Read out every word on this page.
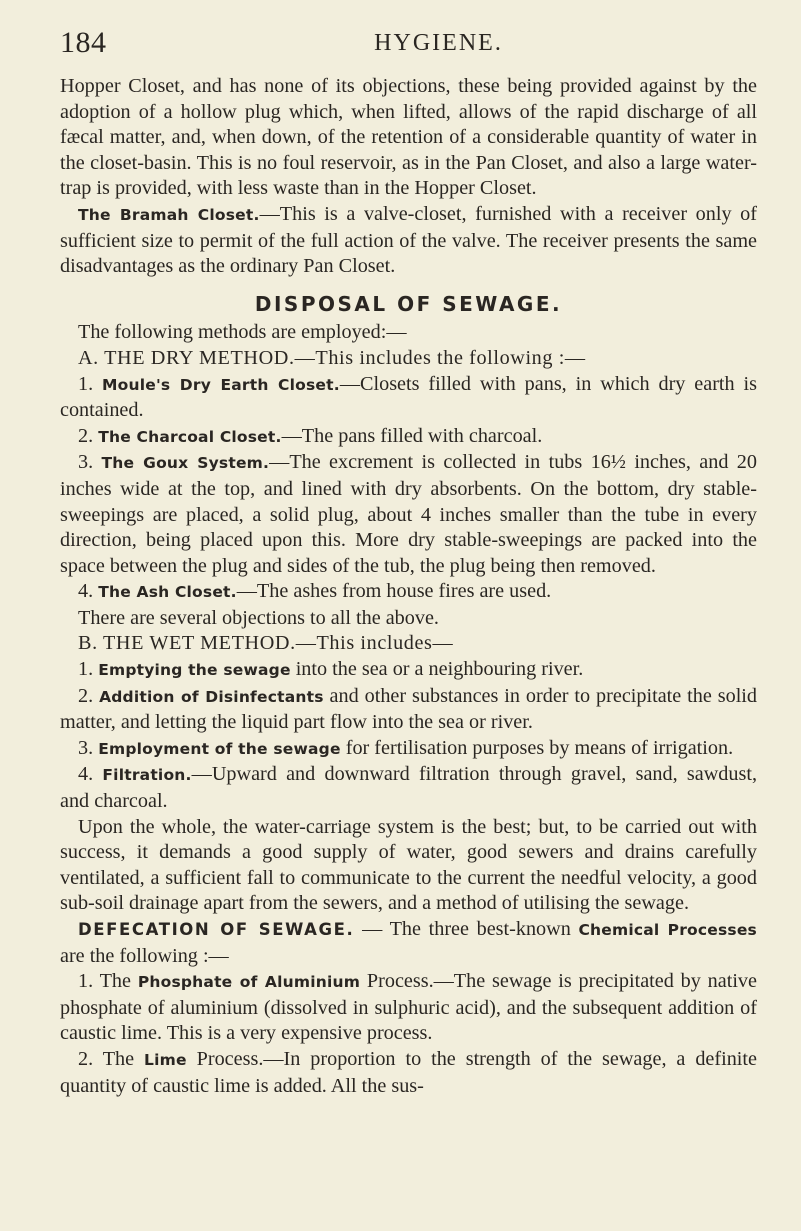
184	HYGIENE.

Hopper Closet, and has none of its objections, these being provided against by the adoption of a hollow plug which, when lifted, allows of the rapid discharge of all fæcal matter, and, when down, of the retention of a considerable quantity of water in the closet-basin. This is no foul reservoir, as in the Pan Closet, and also a large water-trap is provided, with less waste than in the Hopper Closet.

The Bramah Closet.—This is a valve-closet, furnished with a receiver only of sufficient size to permit of the full action of the valve. The receiver presents the same disadvantages as the ordinary Pan Closet.

DISPOSAL OF SEWAGE.

The following methods are employed:—

A. THE DRY METHOD.—This includes the following :—

1. Moule's Dry Earth Closet.—Closets filled with pans, in which dry earth is contained.

2. The Charcoal Closet.—The pans filled with charcoal.

3. The Goux System.—The excrement is collected in tubs 16½ inches, and 20 inches wide at the top, and lined with dry absorbents. On the bottom, dry stable-sweepings are placed, a solid plug, about 4 inches smaller than the tube in every direction, being placed upon this. More dry stable-sweepings are packed into the space between the plug and sides of the tub, the plug being then removed.

4. The Ash Closet.—The ashes from house fires are used.

There are several objections to all the above.

B. THE WET METHOD.—This includes—

1. Emptying the sewage into the sea or a neighbouring river.

2. Addition of Disinfectants and other substances in order to precipitate the solid matter, and letting the liquid part flow into the sea or river.

3. Employment of the sewage for fertilisation purposes by means of irrigation.

4. Filtration.—Upward and downward filtration through gravel, sand, sawdust, and charcoal.

Upon the whole, the water-carriage system is the best; but, to be carried out with success, it demands a good supply of water, good sewers and drains carefully ventilated, a sufficient fall to communicate to the current the needful velocity, a good sub-soil drainage apart from the sewers, and a method of utilising the sewage.

DEFECATION OF SEWAGE. — The three best-known Chemical Processes are the following :—

1. The Phosphate of Aluminium Process.—The sewage is precipitated by native phosphate of aluminium (dissolved in sulphuric acid), and the subsequent addition of caustic lime. This is a very expensive process.

2. The Lime Process.—In proportion to the strength of the sewage, a definite quantity of caustic lime is added. All the sus-
